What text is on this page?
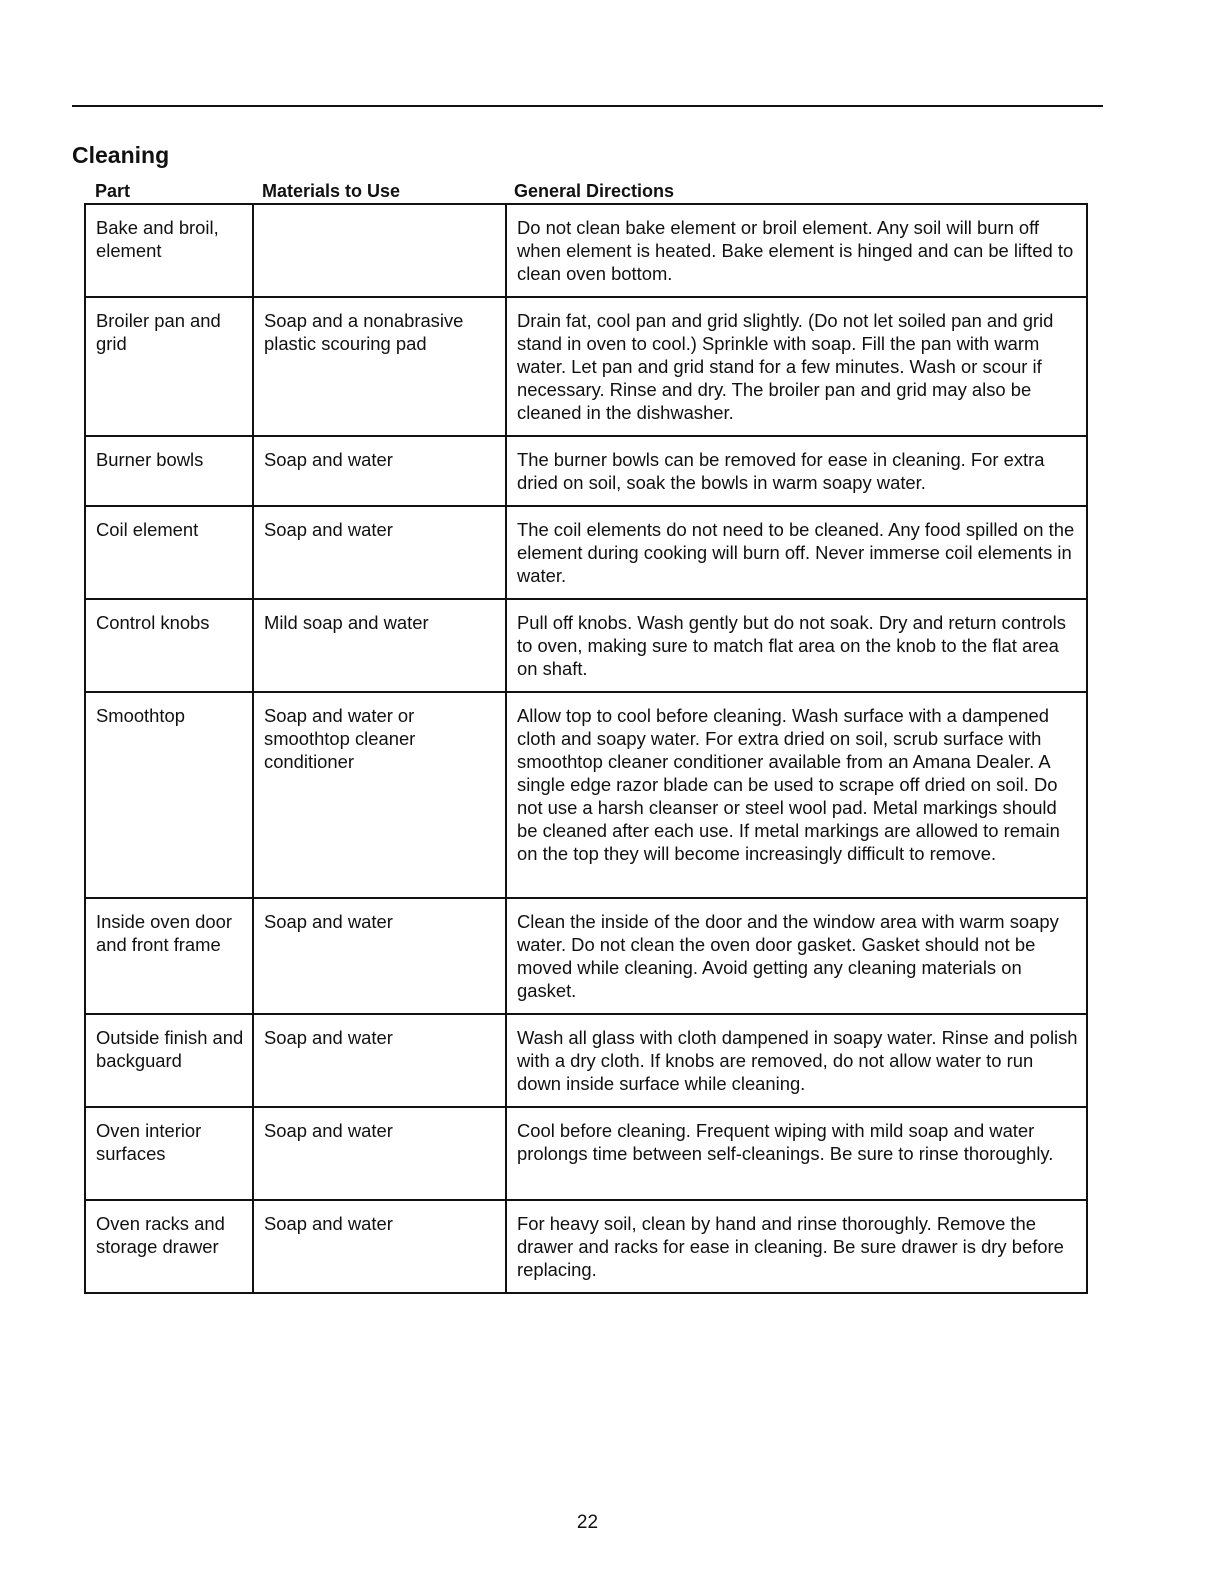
Cleaning
Part	Materials to Use	General Directions
Bake and broil, element		Do not clean bake element or broil element. Any soil will burn off when element is heated. Bake element is hinged and can be lifted to clean oven bottom.
Broiler pan and grid	Soap and a nonabrasive plastic scouring pad	Drain fat, cool pan and grid slightly. (Do not let soiled pan and grid stand in oven to cool.) Sprinkle with soap. Fill the pan with warm water. Let pan and grid stand for a few minutes. Wash or scour if necessary. Rinse and dry. The broiler pan and grid may also be cleaned in the dishwasher.
Burner bowls	Soap and water	The burner bowls can be removed for ease in cleaning. For extra dried on soil, soak the bowls in warm soapy water.
Coil element	Soap and water	The coil elements do not need to be cleaned. Any food spilled on the element during cooking will burn off. Never immerse coil elements in water.
Control knobs	Mild soap and water	Pull off knobs. Wash gently but do not soak. Dry and return controls to oven, making sure to match flat area on the knob to the flat area on shaft.
Smoothtop	Soap and water or smoothtop cleaner conditioner	Allow top to cool before cleaning. Wash surface with a dampened cloth and soapy water. For extra dried on soil, scrub surface with smoothtop cleaner conditioner available from an Amana Dealer. A single edge razor blade can be used to scrape off dried on soil. Do not use a harsh cleanser or steel wool pad. Metal markings should be cleaned after each use. If metal markings are allowed to remain on the top they will become increasingly difficult to remove.
Inside oven door and front frame	Soap and water	Clean the inside of the door and the window area with warm soapy water. Do not clean the oven door gasket. Gasket should not be moved while cleaning. Avoid getting any cleaning materials on gasket.
Outside finish and backguard	Soap and water	Wash all glass with cloth dampened in soapy water. Rinse and polish with a dry cloth. If knobs are removed, do not allow water to run down inside surface while cleaning.
Oven interior surfaces	Soap and water	Cool before cleaning. Frequent wiping with mild soap and water prolongs time between self-cleanings. Be sure to rinse thoroughly.
Oven racks and storage drawer	Soap and water	For heavy soil, clean by hand and rinse thoroughly. Remove the drawer and racks for ease in cleaning. Be sure drawer is dry before replacing.
22
